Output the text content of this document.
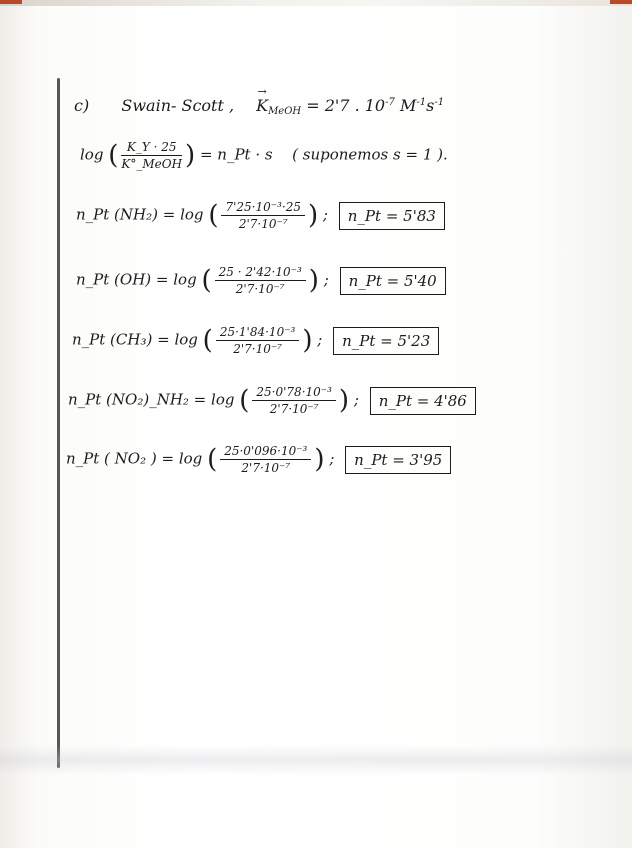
c) Swain- Scott , → $K_{MeOH} = 2'7$ . $10^{-7}$ $M^{-1}s^{-1}$
log ( $\frac{K\_Y \cdot 25}{\text{K°\_MeOH}}$ ) = n_Pt · s ( suponemos s = 1 ).
n_Pt (NH₂) = log ( $\frac{\text{7'25·10⁻³·25}}{\text{2'7·10⁻⁷}}$ ) ; n_Pt = 5'83
n_Pt (OH) = log ( $\frac{\text{25 · 2'42·10⁻³}}{\text{2'7·10⁻⁷}}$ ) ; n_Pt = 5'40
n_Pt (CH₃) = log ( $\frac{\text{25·1'84·10⁻³}}{\text{2'7·10⁻⁷}}$ ) ; n_Pt = 5'23
n_Pt (NO₂)_NH₂ = log ( $\frac{\text{25·0'78·10⁻³}}{\text{2'7·10⁻⁷}}$ ) ; n_Pt = 4'86
n_Pt ( NO₂ ) = log ( $\frac{\text{25·0'096·10⁻³}}{\text{2'7·10⁻⁷}}$ ) ; n_Pt = 3'95
